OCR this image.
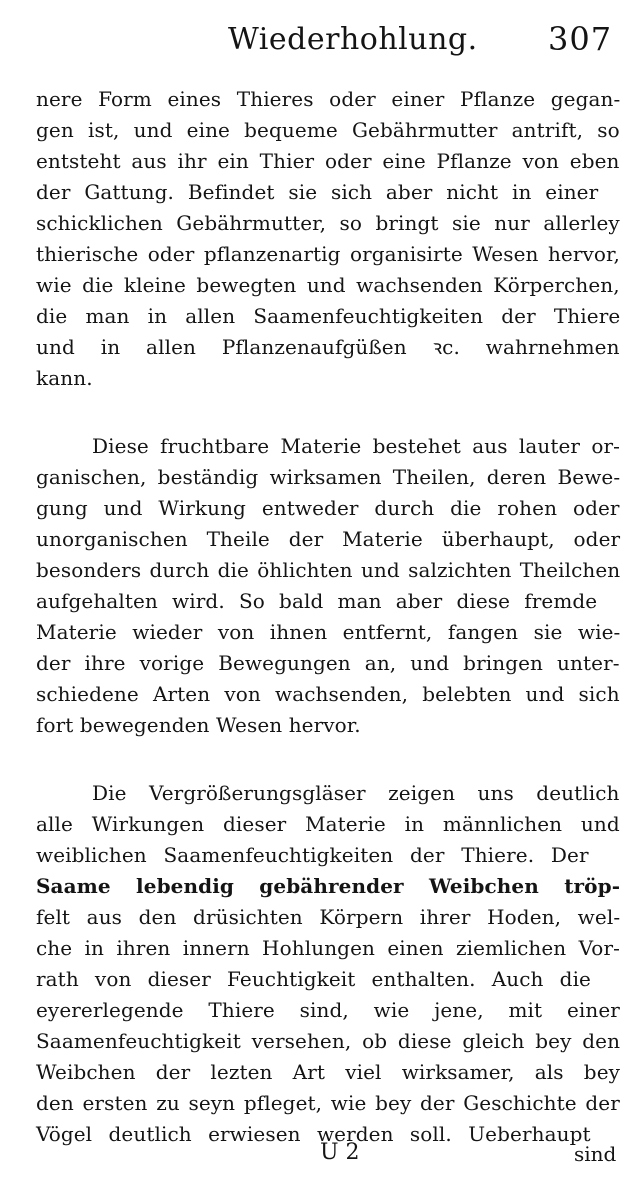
Wiederhohlung. 307
nere Form eines Thieres oder einer Pflanze gegan-
gen ist, und eine bequeme Gebährmutter antrift, so
entsteht aus ihr ein Thier oder eine Pflanze von eben
der Gattung. Befindet sie sich aber nicht in einer
schicklichen Gebährmutter, so bringt sie nur allerley
thierische oder pflanzenartig organisirte Wesen hervor,
wie die kleine bewegten und wachsenden Körperchen,
die man in allen Saamenfeuchtigkeiten der Thiere
und in allen Pflanzenaufgüßen ꝛc. wahrnehmen
kann.
Diese fruchtbare Materie bestehet aus lauter or-
ganischen, beständig wirksamen Theilen, deren Bewe-
gung und Wirkung entweder durch die rohen oder
unorganischen Theile der Materie überhaupt, oder
besonders durch die öhlichten und salzichten Theilchen
aufgehalten wird. So bald man aber diese fremde
Materie wieder von ihnen entfernt, fangen sie wie-
der ihre vorige Bewegungen an, und bringen unter-
schiedene Arten von wachsenden, belebten und sich
fort bewegenden Wesen hervor.
Die Vergrößerungsgläser zeigen uns deutlich
alle Wirkungen dieser Materie in männlichen und
weiblichen Saamenfeuchtigkeiten der Thiere. Der
Saame lebendig gebährender Weibchen tröp-
felt aus den drüsichten Körpern ihrer Hoden, wel-
che in ihren innern Hohlungen einen ziemlichen Vor-
rath von dieser Feuchtigkeit enthalten. Auch die
eyererlegende Thiere sind, wie jene, mit einer
Saamenfeuchtigkeit versehen, ob diese gleich bey den
Weibchen der lezten Art viel wirksamer, als bey
den ersten zu seyn pfleget, wie bey der Geschichte der
Vögel deutlich erwiesen werden soll. Ueberhaupt
U 2	sind
